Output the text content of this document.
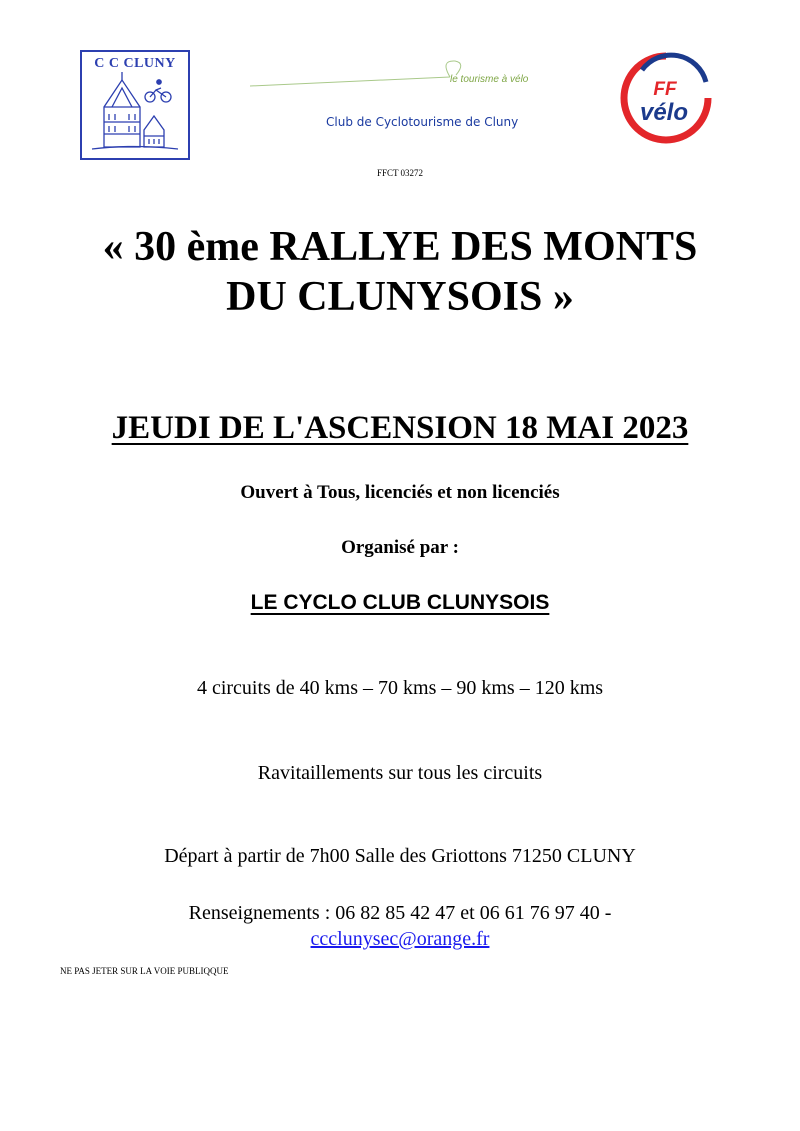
C C CLUNY
le tourisme à vélo
Club de Cyclotourisme de Cluny
FF
vélo
FFCT 03272
« 30 ème RALLYE DES MONTS
DU CLUNYSOIS »
JEUDI DE L'ASCENSION 18 MAI 2023
Ouvert à Tous, licenciés et non licenciés
Organisé par :
LE CYCLO CLUB CLUNYSOIS
4 circuits de 40 kms – 70 kms – 90 kms – 120 kms
Ravitaillements sur tous les circuits
Départ à partir de 7h00 Salle des Griottons 71250 CLUNY
Renseignements : 06 82 85 42 47 et 06 61 76 97 40 -
ccclunysec@orange.fr
NE PAS JETER SUR LA VOIE PUBLIQQUE
